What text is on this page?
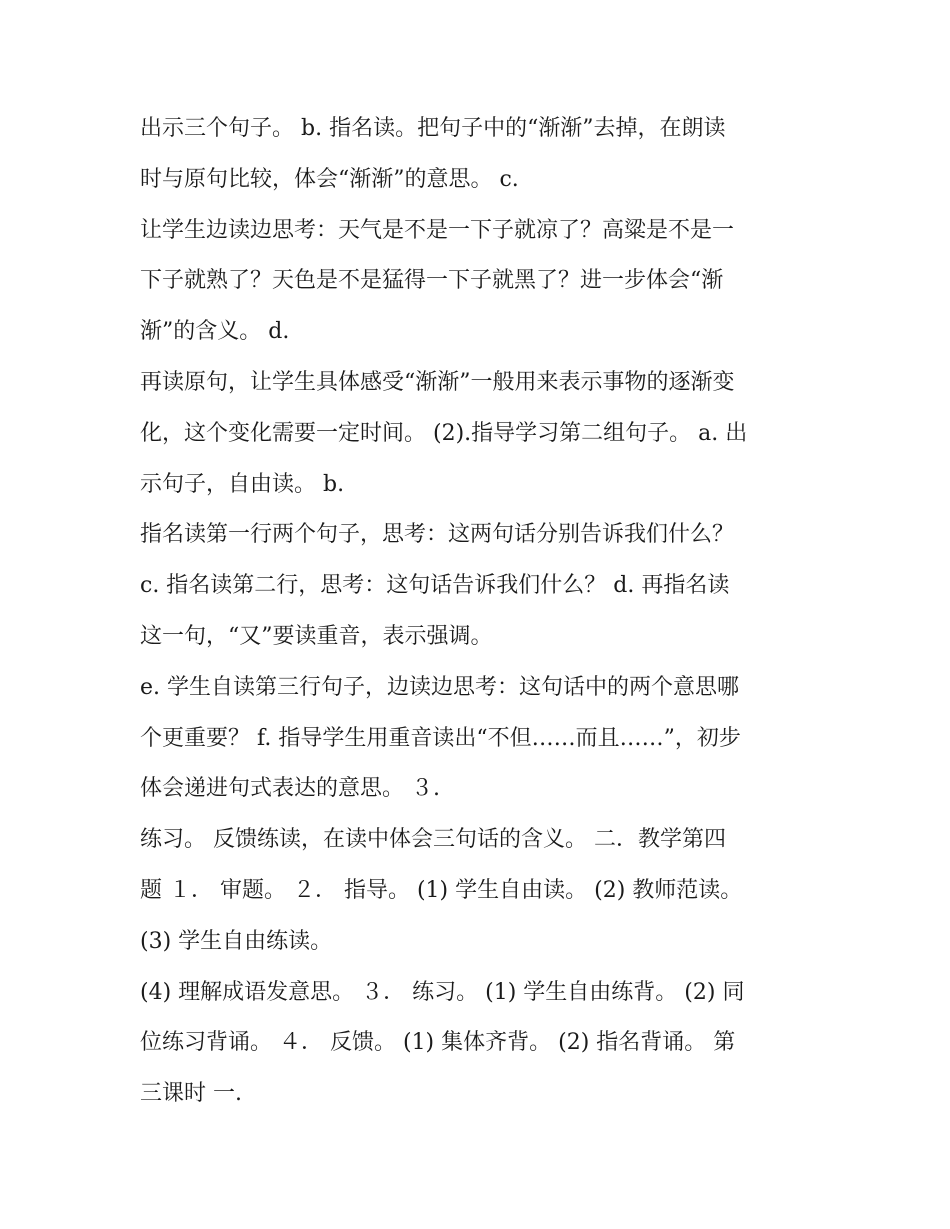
出示三个句子。 b. 指名读。把句子中的“渐渐”去掉，在朗读
时与原句比较，体会“渐渐”的意思。 c.
让学生边读边思考：天气是不是一下子就凉了？高粱是不是一
下子就熟了？天色是不是猛得一下子就黑了？进一步体会“渐
渐”的含义。 d.
再读原句，让学生具体感受“渐渐”一般用来表示事物的逐渐变
化，这个变化需要一定时间。 (2).指导学习第二组句子。 a. 出
示句子，自由读。 b.
指名读第一行两个句子，思考：这两句话分别告诉我们什么？
c. 指名读第二行，思考：这句话告诉我们什么？ d. 再指名读
这一句，“又”要读重音，表示强调。
e. 学生自读第三行句子，边读边思考：这句话中的两个意思哪
个更重要？ f. 指导学生用重音读出“不但……而且……”，初步
体会递进句式表达的意思。 ３.
练习。 反馈练读，在读中体会三句话的含义。 二．教学第四
题 １． 审题。 ２． 指导。 (1) 学生自由读。 (2) 教师范读。
(3) 学生自由练读。
(4) 理解成语发意思。 ３． 练习。 (1) 学生自由练背。 (2) 同
位练习背诵。 ４． 反馈。 (1) 集体齐背。 (2) 指名背诵。 第
三课时 一.
